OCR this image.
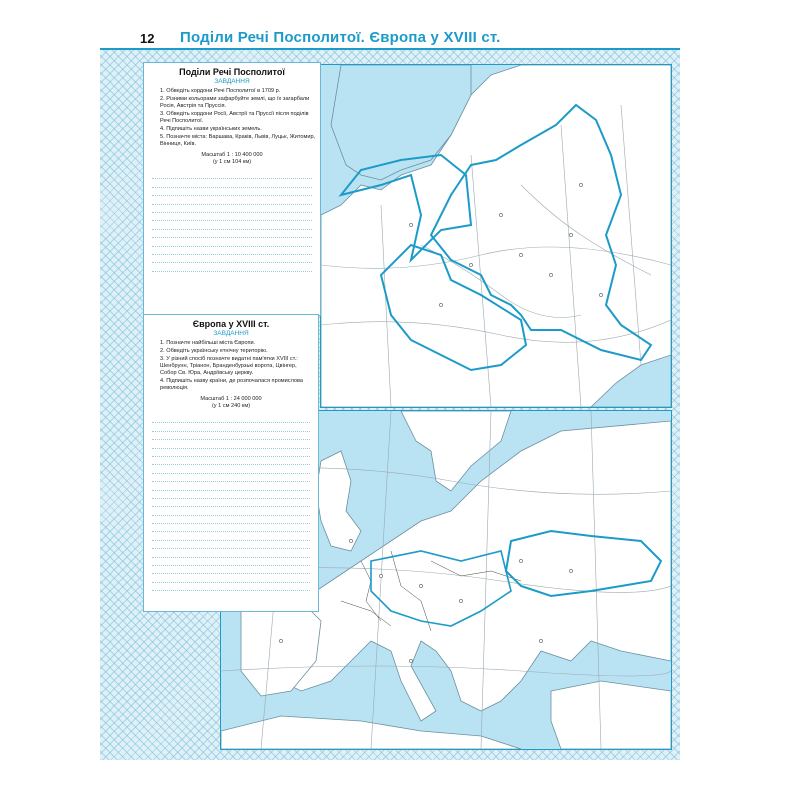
12 Поділи Речі Посполитої. Європа у XVIII ст.
Поділи Речі Посполитої
ЗАВДАННЯ
1. Обведіть кордони Речі Посполитої в 1709 р.
2. Різними кольорами зафарбуйте землі, що їх загарбали Росія, Австрія та Пруссія.
3. Обведіть кордони Росії, Австрії та Пруссії після поділів Речі Посполитої.
4. Підпишіть назви українських земель.
5. Позначте міста: Варшава, Краків, Львів, Луцьк, Житомир, Вінниця, Київ.
Масштаб 1 : 10 400 000
(у 1 см 104 км)
Європа у XVIII ст.
ЗАВДАННЯ
1. Позначте найбільші міста Європи.
2. Обведіть українську етнічну територію.
3. У різний спосіб позначте видатні пам'ятки XVIII ст.: Шенбрунн, Тріанон, Бранденбурзькі ворота, Цвінгер, Собор Св. Юра, Андріївську церкву.
4. Підпишіть назву країни, де розпочалася промислова революція.
Масштаб 1 : 24 000 000
(у 1 см 240 км)
